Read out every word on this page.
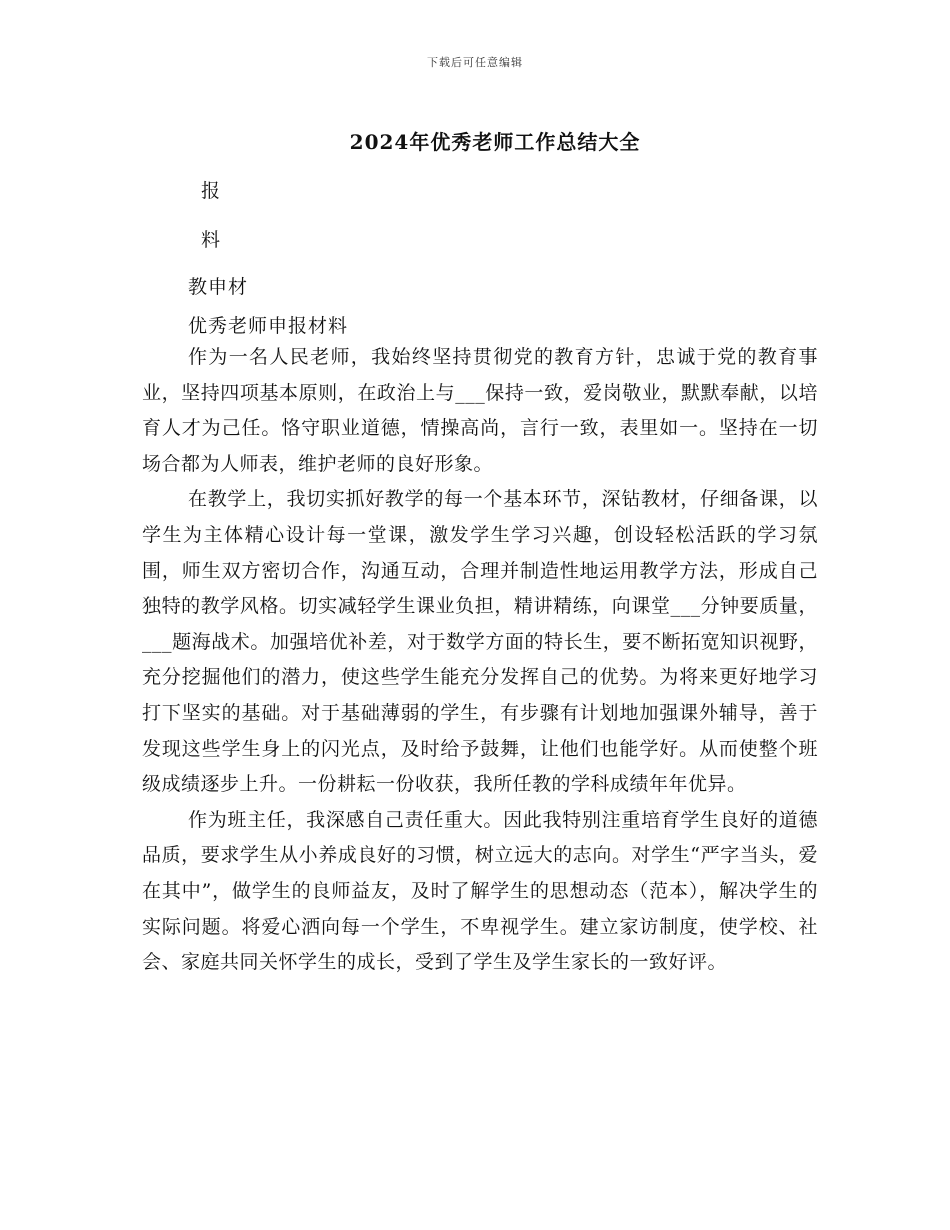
下载后可任意编辑
2024年优秀老师工作总结大全
报
料
教申材
优秀老师申报材料

作为一名人民老师，我始终坚持贯彻党的教育方针，忠诚于党的教育事业，坚持四项基本原则，在政治上与___保持一致，爱岗敬业，默默奉献，以培育人才为己任。恪守职业道德，情操高尚，言行一致，表里如一。坚持在一切场合都为人师表，维护老师的良好形象。

在教学上，我切实抓好教学的每一个基本环节，深钻教材，仔细备课，以学生为主体精心设计每一堂课，激发学生学习兴趣，创设轻松活跃的学习氛围，师生双方密切合作，沟通互动，合理并制造性地运用教学方法，形成自己独特的教学风格。切实减轻学生课业负担，精讲精练，向课堂___分钟要质量，___题海战术。加强培优补差，对于数学方面的特长生，要不断拓宽知识视野，充分挖掘他们的潜力，使这些学生能充分发挥自己的优势。为将来更好地学习打下坚实的基础。对于基础薄弱的学生，有步骤有计划地加强课外辅导，善于发现这些学生身上的闪光点，及时给予鼓舞，让他们也能学好。从而使整个班级成绩逐步上升。一份耕耘一份收获，我所任教的学科成绩年年优异。

作为班主任，我深感自己责任重大。因此我特别注重培育学生良好的道德品质，要求学生从小养成良好的习惯，树立远大的志向。对学生“严字当头，爱在其中”，做学生的良师益友，及时了解学生的思想动态（范本），解决学生的实际问题。将爱心洒向每一个学生，不卑视学生。建立家访制度，使学校、社会、家庭共同关怀学生的成长，受到了学生及学生家长的一致好评。
